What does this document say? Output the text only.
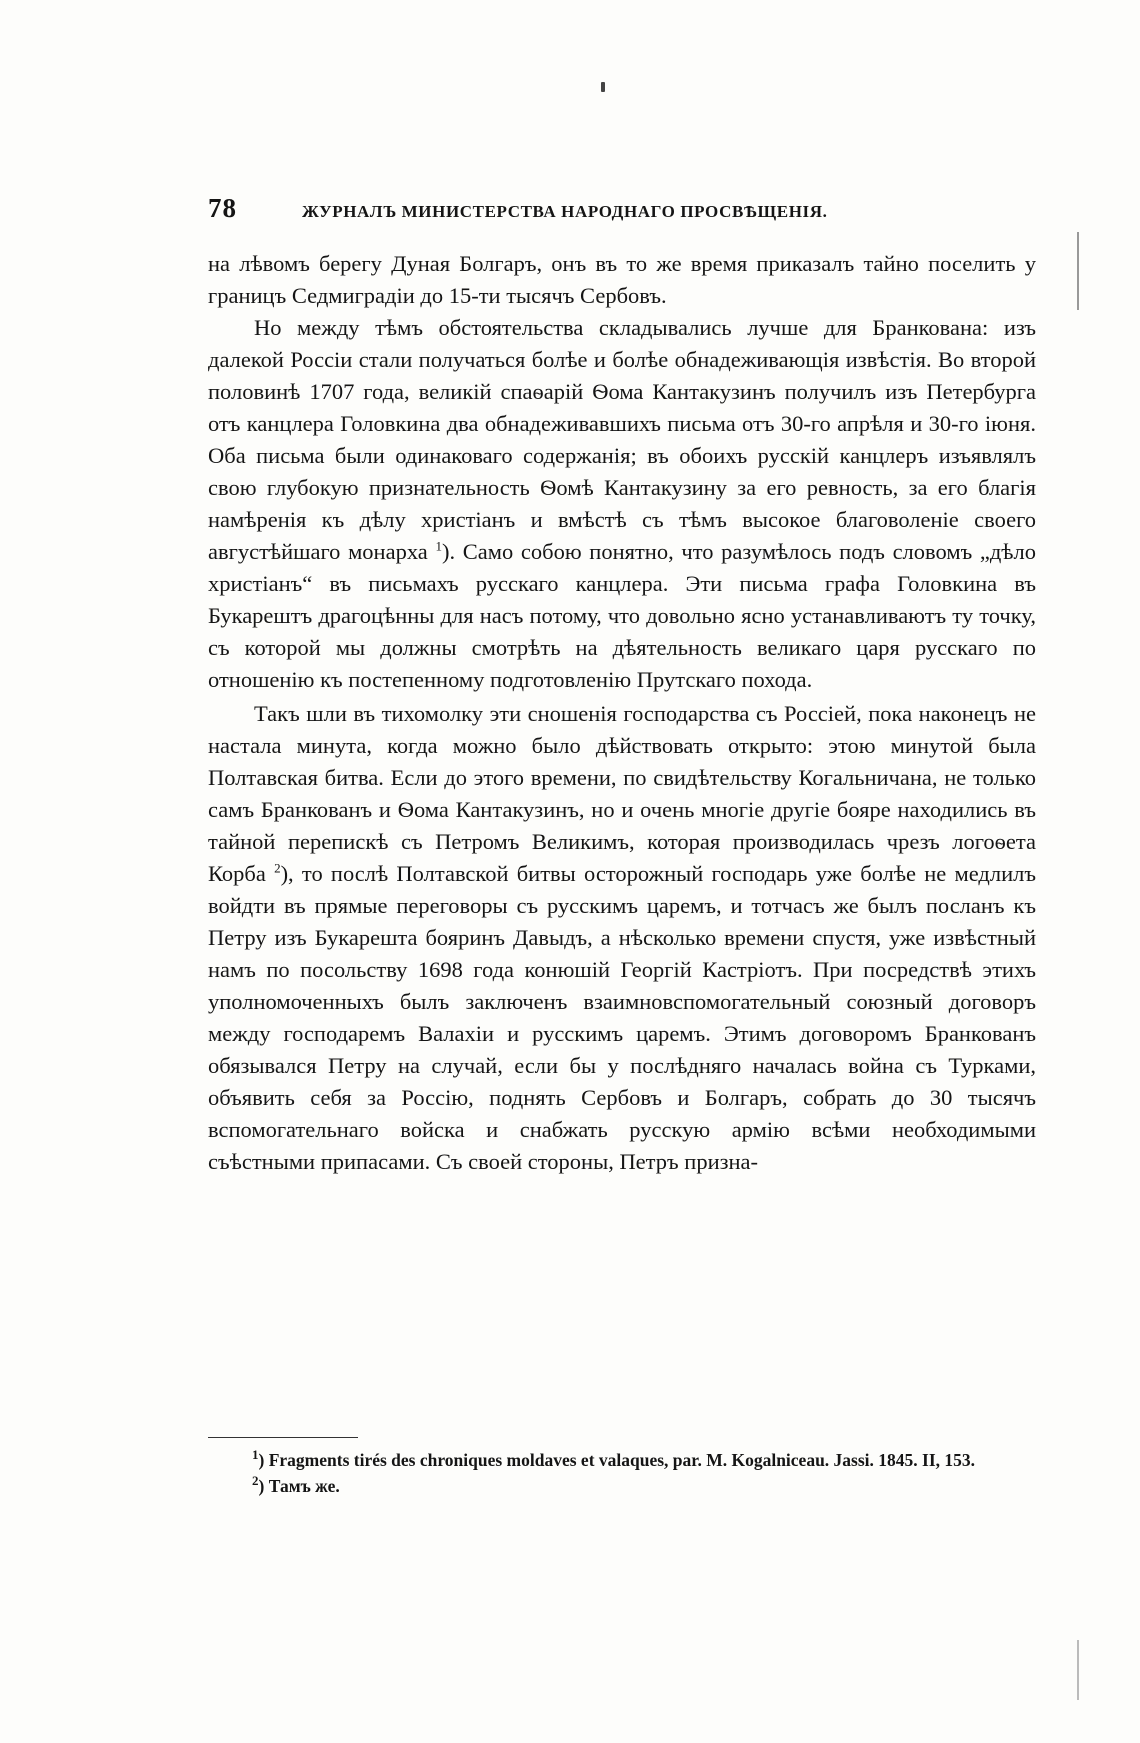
78	ЖУРНАЛЪ МИНИСТЕРСТВА НАРОДНАГО ПРОСВѢЩЕНІЯ.

на лѣвомъ берегу Дуная Болгаръ, онъ въ то же время приказалъ тайно поселить у границъ Седмиградіи до 15-ти тысячъ Сербовъ.

Но между тѣмъ обстоятельства складывались лучше для Бранкована: изъ далекой Россіи стали получаться болѣе и болѣе обнадеживающія извѣстія. Во второй половинѣ 1707 года, великій спаѳарій Ѳома Кантакузинъ получилъ изъ Петербурга отъ канцлера Головкина два обнадеживавшихъ письма отъ 30-го апрѣля и 30-го іюня. Оба письма были одинаковаго содержанія; въ обоихъ русскій канцлеръ изъявлялъ свою глубокую признательность Ѳомѣ Кантакузину за его ревность, за его благія намѣренія къ дѣлу христіанъ и вмѣстѣ съ тѣмъ высокое благоволеніе своего августѣйшаго монарха $^1$). Само собою понятно, что разумѣлось подъ словомъ „дѣло христіанъ“ въ письмахъ русскаго канцлера. Эти письма графа Головкина въ Букарештъ драгоцѣнны для насъ потому, что довольно ясно устанавливаютъ ту точку, съ которой мы должны смотрѣть на дѣятельность великаго царя русскаго по отношенію къ постепенному подготовленію Прутскаго похода.

Такъ шли въ тихомолку эти сношенія господарства съ Россіей, пока наконецъ не настала минута, когда можно было дѣйствовать открыто: этою минутой была Полтавская битва. Если до этого времени, по свидѣтельству Когальничана, не только самъ Бранкованъ и Ѳома Кантакузинъ, но и очень многіе другіе бояре находились въ тайной перепискѣ съ Петромъ Великимъ, которая производилась чрезъ логоѳета Корба $^2$), то послѣ Полтавской битвы осторожный господарь уже болѣе не медлилъ войдти въ прямые переговоры съ русскимъ царемъ, и тотчасъ же былъ посланъ къ Петру изъ Букарешта бояринъ Давыдъ, а нѣсколько времени спустя, уже извѣстный намъ по посольству 1698 года конюшій Георгій Кастріотъ. При посредствѣ этихъ уполномоченныхъ былъ заключенъ взаимновспомогательный союзный договоръ между господаремъ Валахіи и русскимъ царемъ. Этимъ договоромъ Бранкованъ обязывался Петру на случай, если бы у послѣдняго началась война съ Турками, объявить себя за Россію, поднять Сербовъ и Болгаръ, собрать до 30 тысячъ вспомогательнаго войска и снабжать русскую армію всѣми необходимыми съѣстными припасами. Съ своей стороны, Петръ призна-

$^1$) Fragments tirés des chroniques moldaves et valaques, par. M. Kogalniceau. Jassi. 1845. II, 153.

$^2$) Тамъ же.
